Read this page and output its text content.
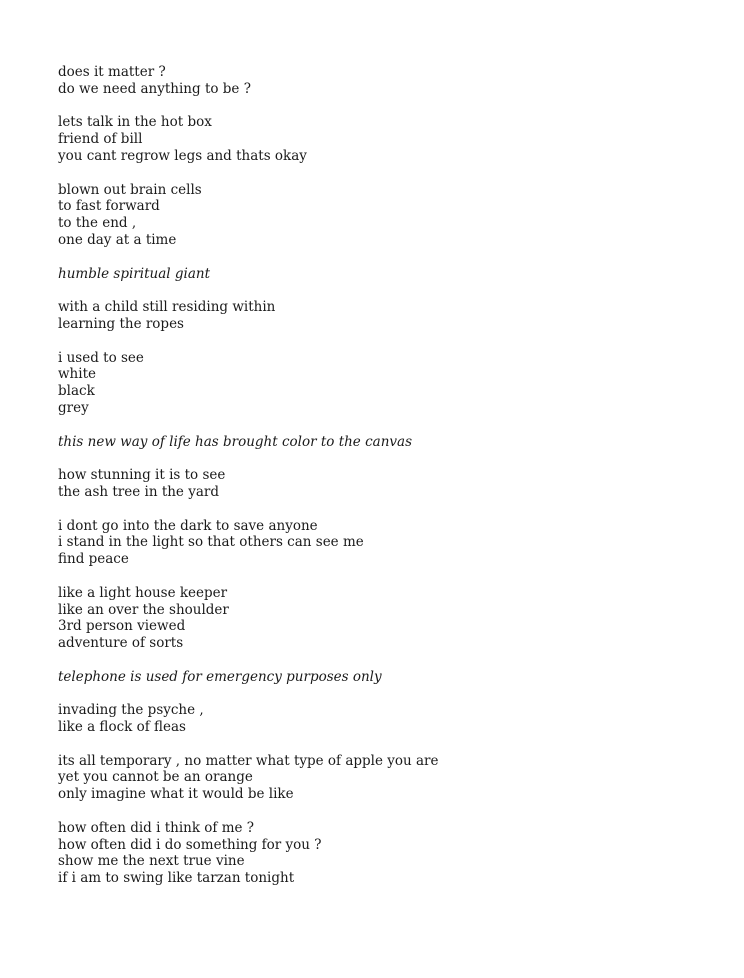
does it matter ?
do we need anything to be ?
lets talk in the hot box
friend of bill
you cant regrow legs and thats okay
blown out brain cells
to fast forward
to the end ,
one day at a time
humble spiritual giant
with a child still residing within
learning the ropes
i used to see
white
black
grey
this new way of life has brought color to the canvas
how stunning it is to see
the ash tree in the yard
i dont go into the dark to save anyone
i stand in the light so that others can see me
find peace
like a light house keeper
like an over the shoulder
3rd person viewed
adventure of sorts
telephone is used for emergency purposes only
invading the psyche ,
like a flock of fleas
its all temporary , no matter what type of apple you are
yet you cannot be an orange
only imagine what it would be like
how often did i think of me ?
how often did i do something for you ?
show me the next true vine
if i am to swing like tarzan tonight
